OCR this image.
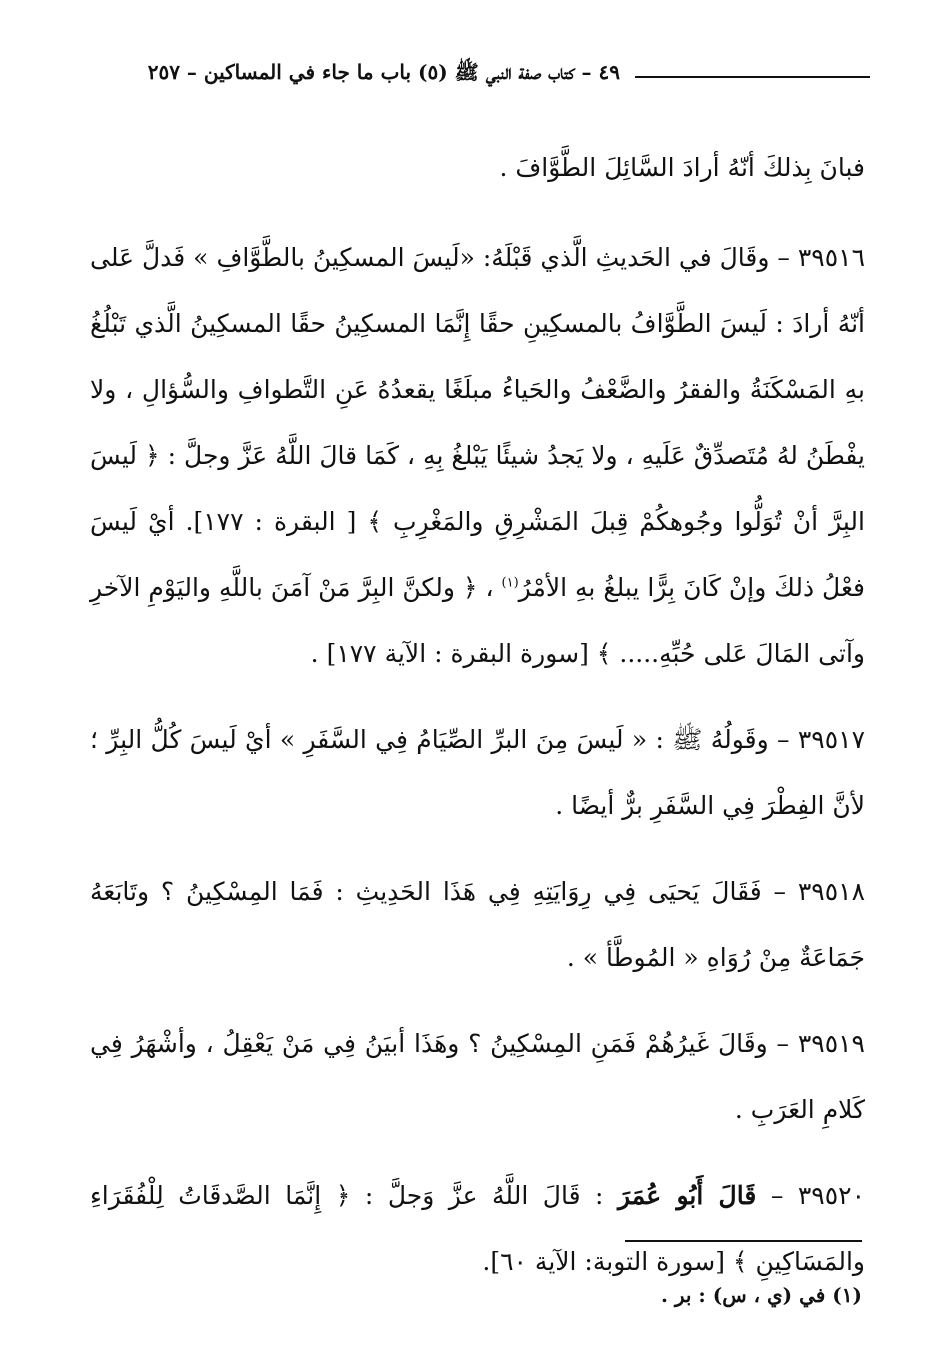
٤٩ – كتاب صفة النبي ﷺ (٥) باب ما جاء في المساكين – ٢٥٧

فبانَ بِذلكَ أنّهُ أرادَ السَّائِلَ الطَّوَّافَ .

٣٩٥١٦ – وقَالَ في الحَديثِ الَّذي قَبْلَهُ: «لَيسَ المسكِينُ بالطَّوَّافِ » فَدلَّ عَلى أنّهُ أرادَ : لَيسَ الطَّوَّافُ بالمسكِينِ حقًا إِنَّمَا المسكِينُ حقًا المسكِينُ الَّذي تَبْلُغُ بهِ المَسْكَنَةُ والفقرُ والضَّعْفُ والحَياءُ مبلَغًا يقعدُهُ عَنِ التَّطوافِ والسُّؤالِ ، ولا يفْطَنُ لهُ مُتَصدِّقٌ عَلَيهِ ، ولا يَجدُ شيئًا يَبْلغُ بِهِ ، كَمَا قالَ اللَّهُ عَزَّ وجلَّ : ﴿ لَيسَ البِرَّ أنْ تُوَلُّوا وجُوهكُمْ قِبلَ المَشْرِقِ والمَغْرِبِ ﴾ [ البقرة : ١٧٧]. أيْ لَيسَ فعْلُ ذلكَ وإنْ كَانَ بِرًّا يبلغُ بهِ الأمْرُ$^{(١)}$ ، ﴿ ولكنَّ البِرَّ مَنْ آمَنَ باللَّهِ واليَوْمِ الآخرِ وآتى المَالَ عَلى حُبِّهِ..... ﴾ [سورة البقرة : الآية ١٧٧] .

٣٩٥١٧ – وقَولُهُ ﷺ : « لَيسَ مِنَ البرِّ الصِّيَامُ فِي السَّفَرِ » أيْ لَيسَ كُلُّ البِرِّ ؛ لأنَّ الفِطْرَ فِي السَّفَرِ برٌّ أيضًا .

٣٩٥١٨ – فَقَالَ يَحيَى فِي رِوَايَتِهِ فِي هَذَا الحَدِيثِ : فَمَا المِسْكِينُ ؟ وتَابَعَهُ جَمَاعَةٌ مِنْ رُوَاهِ « المُوطَّأ » .

٣٩٥١٩ – وقَالَ غَيرُهُمْ فَمَنِ المِسْكِينُ ؟ وهَذَا أبيَنُ فِي مَنْ يَعْقِلُ ، وأشْهَرُ فِي كَلامِ العَرَبِ .

٣٩٥٢٠ – قَالَ أَبُو عُمَرَ : قَالَ اللَّهُ عزَّ وَجلَّ : ﴿ إِنَّمَا الصَّدقَاتُ لِلْفُقَرَاءِ والمَسَاكِينِ ﴾ [سورة التوبة: الآية ٦٠].

(١) في (ي ، س) : بر .
